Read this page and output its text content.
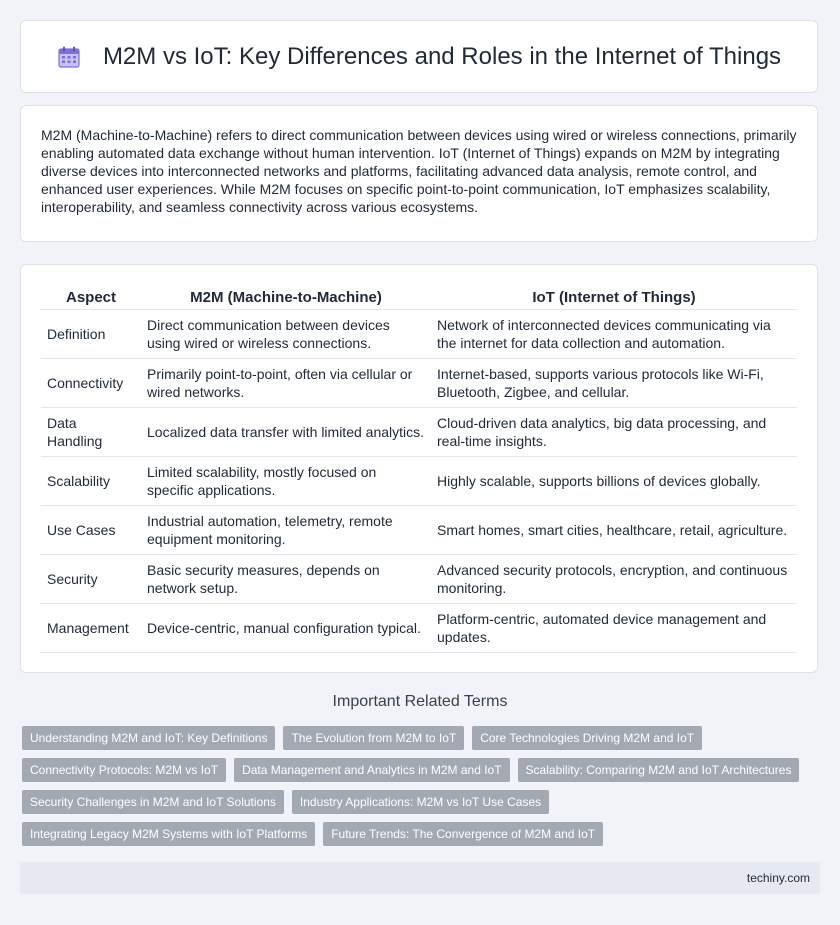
M2M vs IoT: Key Differences and Roles in the Internet of Things

M2M (Machine-to-Machine) refers to direct communication between devices using wired or wireless connections, primarily enabling automated data exchange without human intervention. IoT (Internet of Things) expands on M2M by integrating diverse devices into interconnected networks and platforms, facilitating advanced data analysis, remote control, and enhanced user experiences. While M2M focuses on specific point-to-point communication, IoT emphasizes scalability, interoperability, and seamless connectivity across various ecosystems.

Aspect	M2M (Machine-to-Machine)	IoT (Internet of Things)
Definition	Direct communication between devices using wired or wireless connections.	Network of interconnected devices communicating via the internet for data collection and automation.
Connectivity	Primarily point-to-point, often via cellular or wired networks.	Internet-based, supports various protocols like Wi-Fi, Bluetooth, Zigbee, and cellular.
Data Handling	Localized data transfer with limited analytics.	Cloud-driven data analytics, big data processing, and real-time insights.
Scalability	Limited scalability, mostly focused on specific applications.	Highly scalable, supports billions of devices globally.
Use Cases	Industrial automation, telemetry, remote equipment monitoring.	Smart homes, smart cities, healthcare, retail, agriculture.
Security	Basic security measures, depends on network setup.	Advanced security protocols, encryption, and continuous monitoring.
Management	Device-centric, manual configuration typical.	Platform-centric, automated device management and updates.
Important Related Terms
Understanding M2M and IoT: Key Definitions	The Evolution from M2M to IoT	Core Technologies Driving M2M and IoT
Connectivity Protocols: M2M vs IoT	Data Management and Analytics in M2M and IoT	Scalability: Comparing M2M and IoT Architectures
Security Challenges in M2M and IoT Solutions	Industry Applications: M2M vs IoT Use Cases
Integrating Legacy M2M Systems with IoT Platforms	Future Trends: The Convergence of M2M and IoT
techiny.com
